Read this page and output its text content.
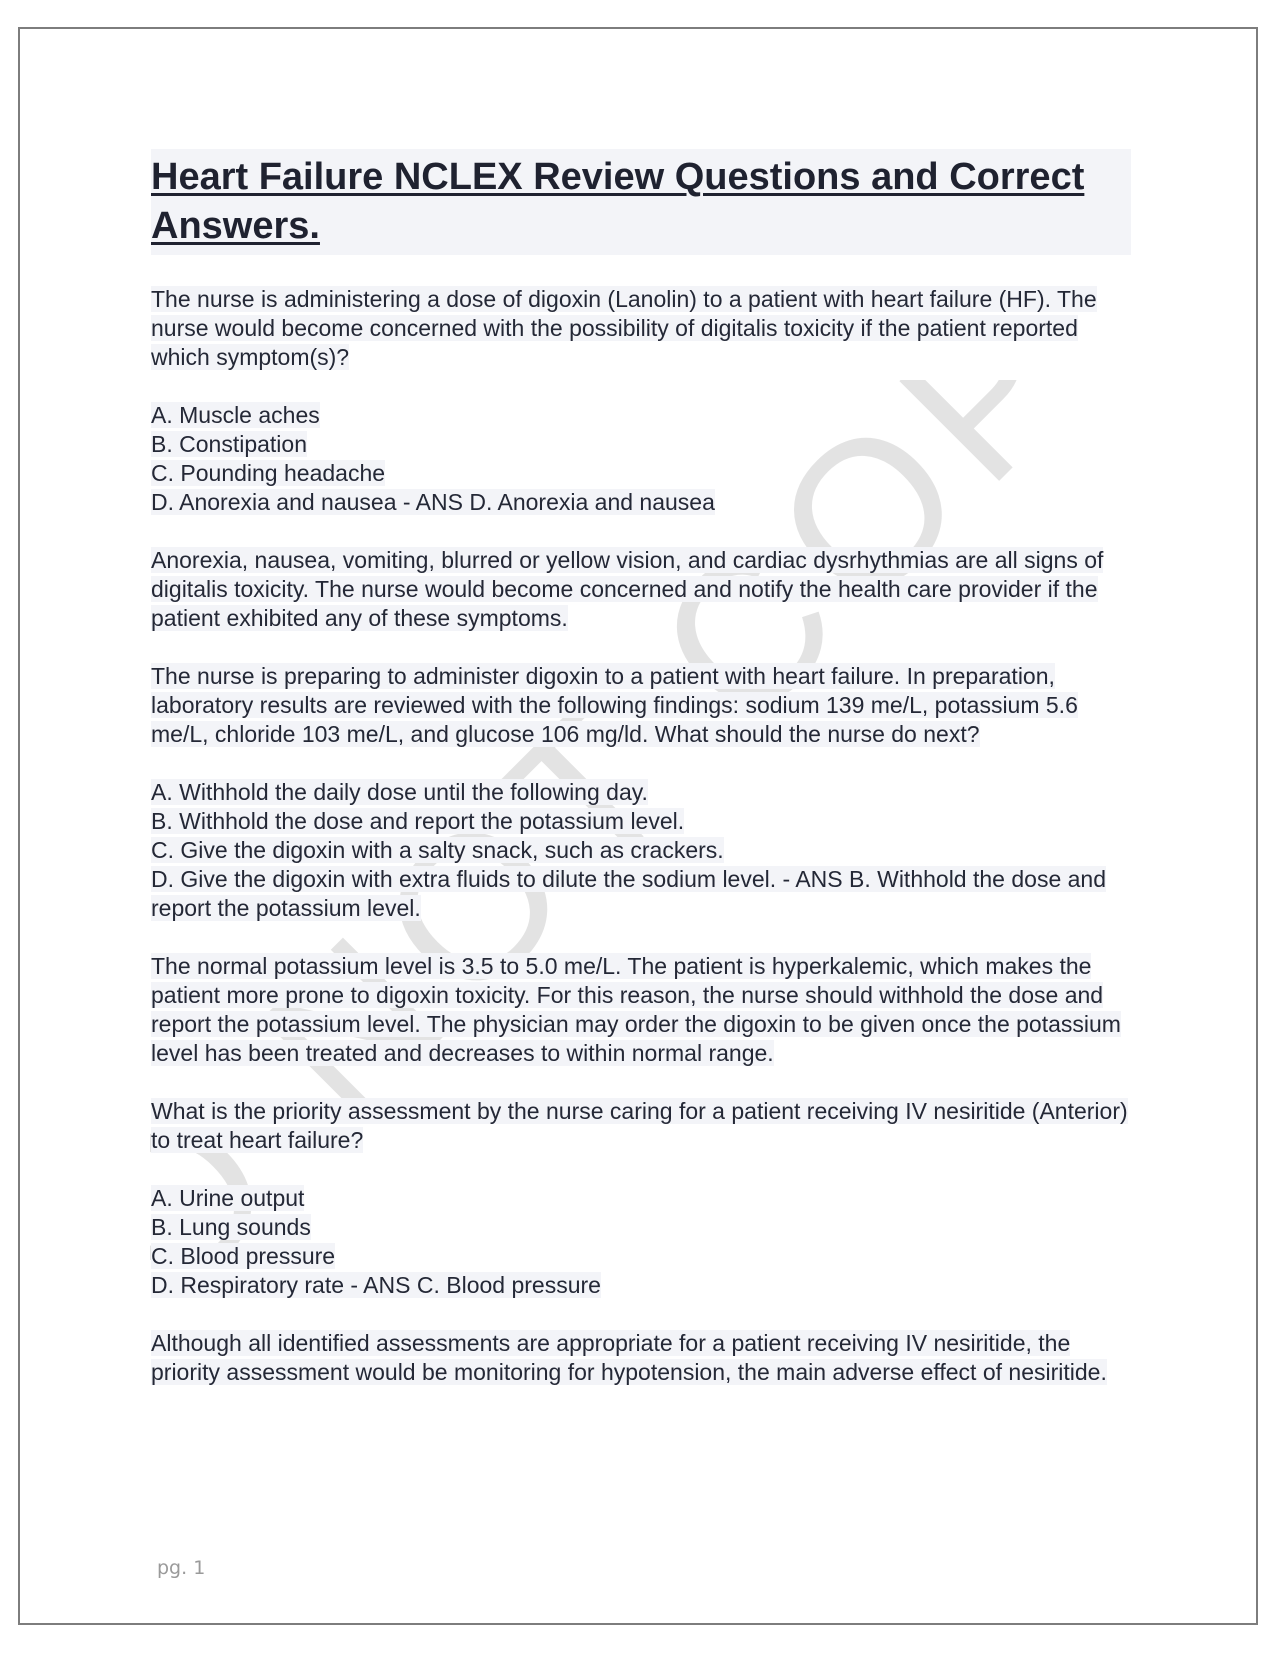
DO NOT COPY
Heart Failure NCLEX Review Questions and Correct Answers.

The nurse is administering a dose of digoxin (Lanolin) to a patient with heart failure (HF). The nurse would become concerned with the possibility of digitalis toxicity if the patient reported which symptom(s)?

A. Muscle aches
B. Constipation
C. Pounding headache
D. Anorexia and nausea - ANS D. Anorexia and nausea

Anorexia, nausea, vomiting, blurred or yellow vision, and cardiac dysrhythmias are all signs of digitalis toxicity. The nurse would become concerned and notify the health care provider if the patient exhibited any of these symptoms.

The nurse is preparing to administer digoxin to a patient with heart failure. In preparation, laboratory results are reviewed with the following findings: sodium 139 me/L, potassium 5.6 me/L, chloride 103 me/L, and glucose 106 mg/ld. What should the nurse do next?

A. Withhold the daily dose until the following day.
B. Withhold the dose and report the potassium level.
C. Give the digoxin with a salty snack, such as crackers.
D. Give the digoxin with extra fluids to dilute the sodium level. - ANS B. Withhold the dose and report the potassium level.

The normal potassium level is 3.5 to 5.0 me/L. The patient is hyperkalemic, which makes the patient more prone to digoxin toxicity. For this reason, the nurse should withhold the dose and report the potassium level. The physician may order the digoxin to be given once the potassium level has been treated and decreases to within normal range.

What is the priority assessment by the nurse caring for a patient receiving IV nesiritide (Anterior) to treat heart failure?

A. Urine output
B. Lung sounds
C. Blood pressure
D. Respiratory rate - ANS C. Blood pressure

Although all identified assessments are appropriate for a patient receiving IV nesiritide, the priority assessment would be monitoring for hypotension, the main adverse effect of nesiritide.

pg. 1
